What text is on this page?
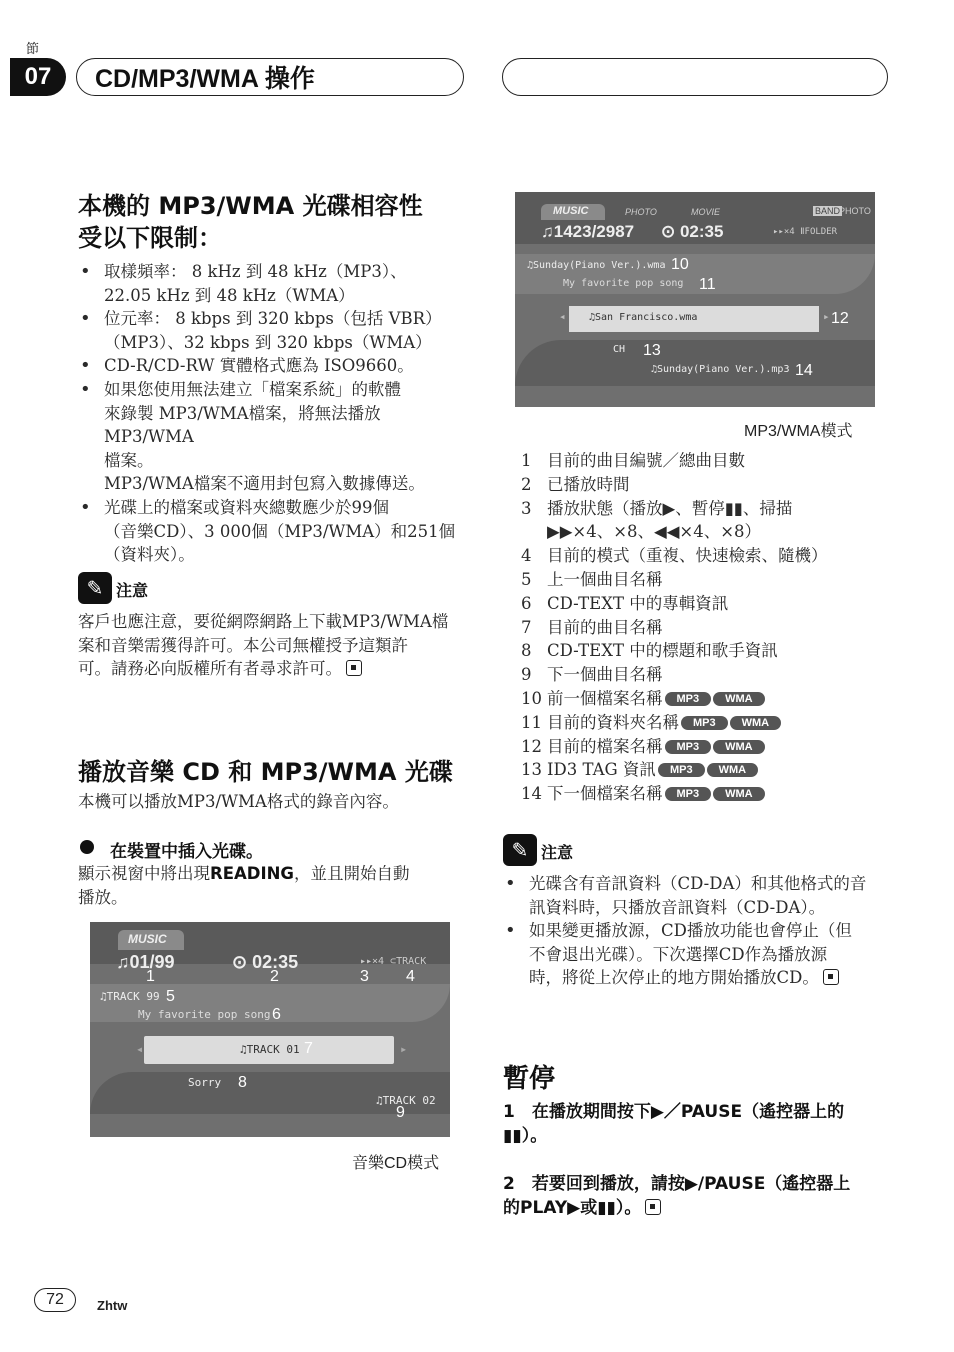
節
07	CD/MP3/WMA 操作
本機的 MP3/WMA 光碟相容性
受以下限制：
• 取樣頻率： 8 kHz 到 48 kHz（MP3）、
22.05 kHz 到 48 kHz（WMA）
• 位元率： 8 kbps 到 320 kbps（包括 VBR）
（MP3）、32 kbps 到 320 kbps（WMA）
• CD-R/CD-RW 實體格式應為 ISO9660。
• 如果您使用無法建立「檔案系統」的軟體
來錄製 MP3/WMA檔案，將無法播放MP3/WMA
檔案。
MP3/WMA檔案不適用封包寫入數據傳送。
• 光碟上的檔案或資料夾總數應少於99個
（音樂CD）、3 000個（MP3/WMA）和251個
（資料夾）。
✎ 注意
客戶也應注意，要從網際網路上下載MP3/WMA檔
案和音樂需獲得許可。本公司無權授予這類許
可。請務必向版權所有者尋求許可。
播放音樂 CD 和 MP3/WMA 光碟
本機可以播放MP3/WMA格式的錄音內容。
在裝置中插入光碟。
顯示視窗中將出現READING，並且開始自動
播放。
MUSIC
♫01/99	⊙ 02:35	▸▸×4 ⊂TRACK
♫TRACK 99
My favorite pop song
◂	▸
♫TRACK 01
Sorry
♫TRACK 02
1	2	3 4
5
6
7
8
9
音樂CD模式
MUSIC	PHOTO	MOVIE	BAND
PHOTO
♫1423/2987 ⊙ 02:35	▸▸×4 ⅡFOLDER
♫Sunday(Piano Ver.).wma
My favorite pop song
◂	▸
♫San Francisco.wma
CH
♫Sunday(Piano Ver.).mp3
10
11
12
13
14
MP3/WMA模式
1 目前的曲目編號／總曲目數
2 已播放時間
3 播放狀態（播放▶、暫停▮▮、掃描
▶▶×4、×8、◀◀×4、×8）
4 目前的模式（重複、快速檢索、隨機）
5 上一個曲目名稱
6 CD-TEXT 中的專輯資訊
7 目前的曲目名稱
8 CD-TEXT 中的標題和歌手資訊
9 下一個曲目名稱
10 前一個檔案名稱 MP3 WMA
11 目前的資料夾名稱 MP3 WMA
12 目前的檔案名稱 MP3 WMA
13 ID3 TAG 資訊 MP3 WMA
14 下一個檔案名稱 MP3 WMA
✎ 注意
• 光碟含有音訊資料（CD-DA）和其他格式的音
訊資料時，只播放音訊資料（CD-DA）。
• 如果變更播放源，CD播放功能也會停止（但
不會退出光碟）。下次選擇CD作為播放源
時，將從上次停止的地方開始播放CD。
暫停
1　在播放期間按下▶／PAUSE（遙控器上的
▮▮）。
2　若要回到播放，請按▶/PAUSE（遙控器上
的PLAY▶或▮▮）。
72	Zhtw
